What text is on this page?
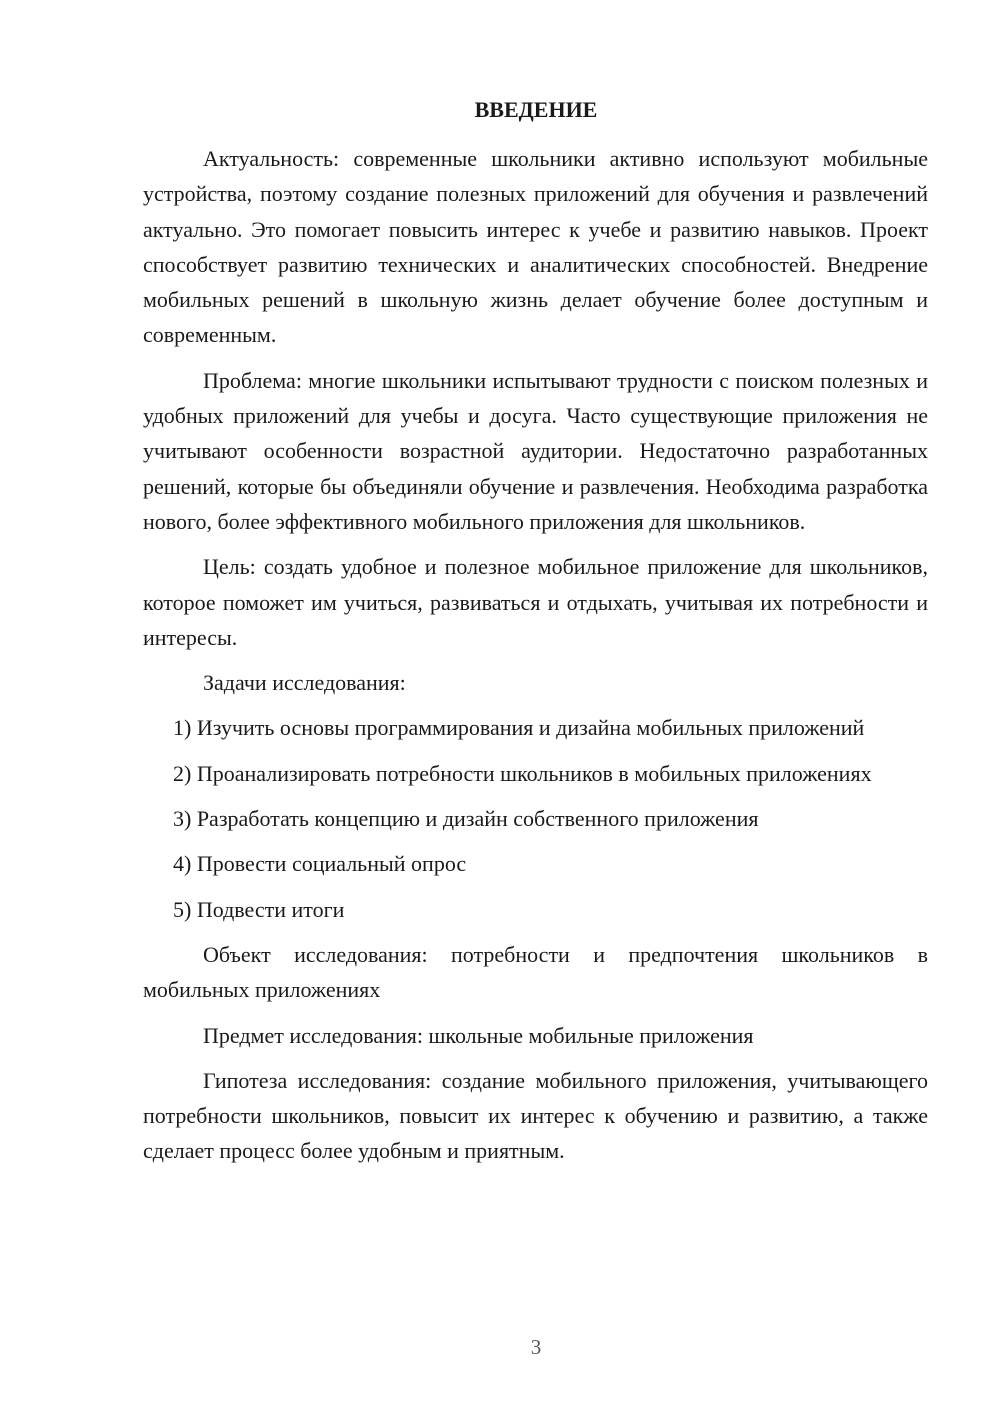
ВВЕДЕНИЕ

Актуальность: современные школьники активно используют мобильные устройства, поэтому создание полезных приложений для обучения и развлечений актуально. Это помогает повысить интерес к учебе и развитию навыков. Проект способствует развитию технических и аналитических способностей. Внедрение мобильных решений в школьную жизнь делает обучение более доступным и современным.

Проблема: многие школьники испытывают трудности с поиском полезных и удобных приложений для учебы и досуга. Часто существующие приложения не учитывают особенности возрастной аудитории. Недостаточно разработанных решений, которые бы объединяли обучение и развлечения. Необходима разработка нового, более эффективного мобильного приложения для школьников.

Цель: создать удобное и полезное мобильное приложение для школьников, которое поможет им учиться, развиваться и отдыхать, учитывая их потребности и интересы.

Задачи исследования:

1) Изучить основы программирования и дизайна мобильных приложений

2) Проанализировать потребности школьников в мобильных приложениях

3) Разработать концепцию и дизайн собственного приложения

4) Провести социальный опрос

5) Подвести итоги

Объект исследования: потребности и предпочтения школьников в мобильных приложениях

Предмет исследования: школьные мобильные приложения

Гипотеза исследования: создание мобильного приложения, учитывающего потребности школьников, повысит их интерес к обучению и развитию, а также сделает процесс более удобным и приятным.

3
